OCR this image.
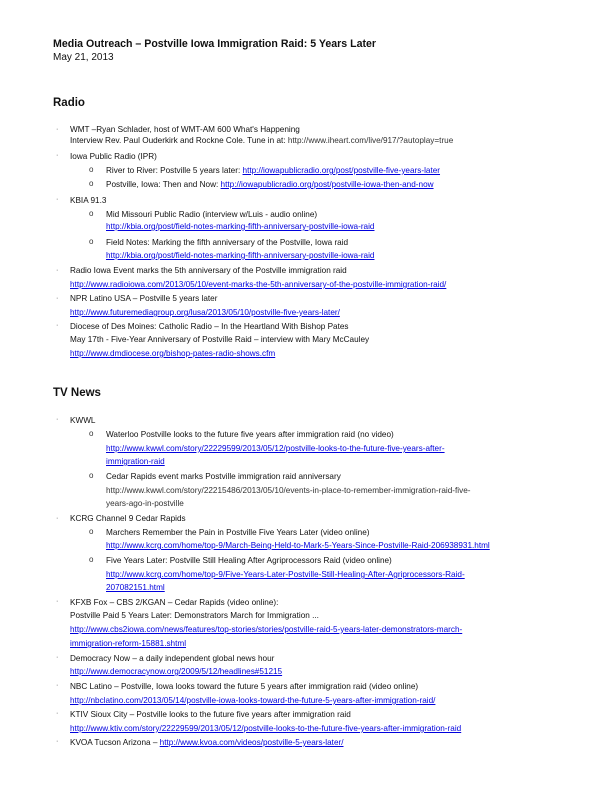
Media Outreach – Postville Iowa Immigration Raid: 5 Years Later
May 21, 2013
Radio
· WMT –Ryan Schlader, host of WMT-AM 600 What's Happening
Interview Rev. Paul Ouderkirk and Rockne Cole. Tune in at: http://www.iheart.com/live/917/?autoplay=true
· Iowa Public Radio (IPR)
o River to River: Postville 5 years later: http://iowapublicradio.org/post/postville-five-years-later
o Postville, Iowa: Then and Now: http://iowapublicradio.org/post/postville-iowa-then-and-now
· KBIA 91.3
o Mid Missouri Public Radio (interview w/Luis - audio online)
http://kbia.org/post/field-notes-marking-fifth-anniversary-postville-iowa-raid
o Field Notes: Marking the fifth anniversary of the Postville, Iowa raid
http://kbia.org/post/field-notes-marking-fifth-anniversary-postville-iowa-raid
· Radio Iowa Event marks the 5th anniversary of the Postville immigration raid
http://www.radioiowa.com/2013/05/10/event-marks-the-5th-anniversary-of-the-postville-immigration-raid/
· NPR Latino USA – Postville 5 years later
http://www.futuremediagroup.org/lusa/2013/05/10/postville-five-years-later/
· Diocese of Des Moines: Catholic Radio – In the Heartland With Bishop Pates
May 17th - Five-Year Anniversary of Postville Raid – interview with Mary McCauley
http://www.dmdiocese.org/bishop-pates-radio-shows.cfm
TV News
· KWWL
o Waterloo Postville looks to the future five years after immigration raid (no video)
http://www.kwwl.com/story/22229599/2013/05/12/postville-looks-to-the-future-five-years-after-
immigration-raid
o Cedar Rapids event marks Postville immigration raid anniversary
http://www.kwwl.com/story/22215486/2013/05/10/events-in-place-to-remember-immigration-raid-five-
years-ago-in-postville
· KCRG Channel 9 Cedar Rapids
o Marchers Remember the Pain in Postville Five Years Later (video online)
http://www.kcrg.com/home/top-9/March-Being-Held-to-Mark-5-Years-Since-Postville-Raid-206938931.html
o Five Years Later: Postville Still Healing After Agriprocessors Raid (video online)
http://www.kcrg.com/home/top-9/Five-Years-Later-Postville-Still-Healing-After-Agriprocessors-Raid-
207082151.html
· KFXB Fox – CBS 2/KGAN – Cedar Rapids (video online):
Postville Paid 5 Years Later: Demonstrators March for Immigration ...
http://www.cbs2iowa.com/news/features/top-stories/stories/postville-raid-5-years-later-demonstrators-march-
immigration-reform-15881.shtml
· Democracy Now – a daily independent global news hour
http://www.democracynow.org/2009/5/12/headlines#51215
· NBC Latino – Postville, Iowa looks toward the future 5 years after immigration raid (video online)
http://nbclatino.com/2013/05/14/postville-iowa-looks-toward-the-future-5-years-after-immigration-raid/
· KTIV Sioux City – Postville looks to the future five years after immigration raid
http://www.ktiv.com/story/22229599/2013/05/12/postville-looks-to-the-future-five-years-after-immigration-raid
· KVOA Tucson Arizona – http://www.kvoa.com/videos/postville-5-years-later/
